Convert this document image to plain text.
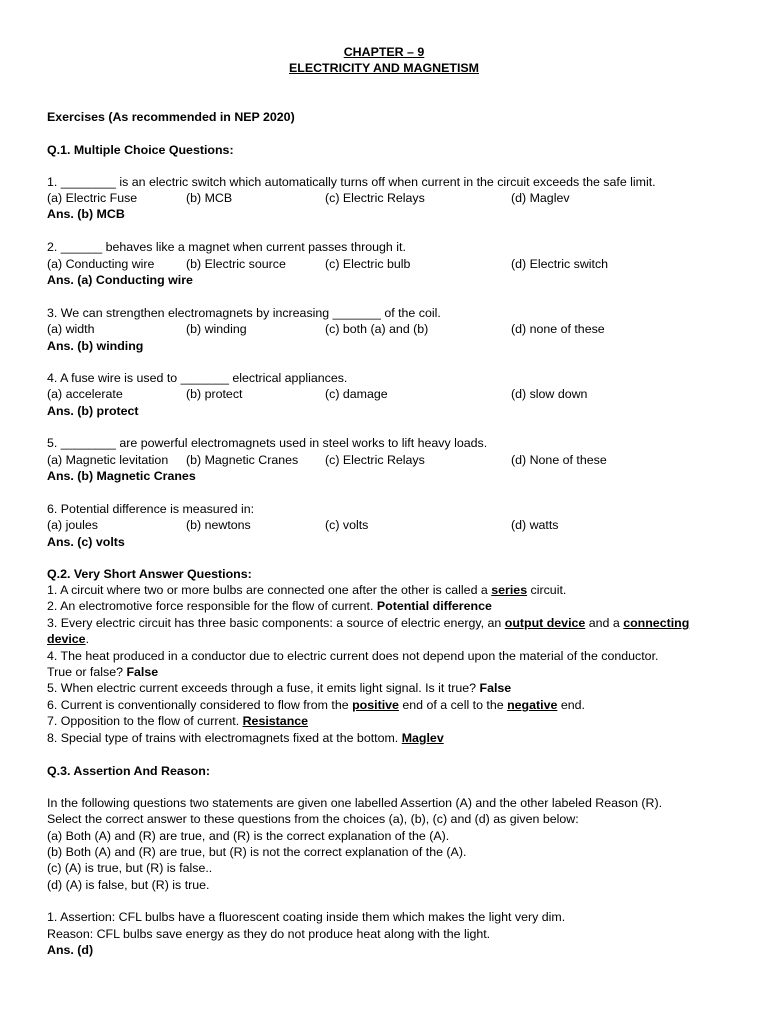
CHAPTER – 9
ELECTRICITY AND MAGNETISM
Exercises (As recommended in NEP 2020)
Q.1. Multiple Choice Questions:
1. ________ is an electric switch which automatically turns off when current in the circuit exceeds the safe limit.
(a) Electric Fuse	(b) MCB	(c) Electric Relays	(d) Maglev
Ans. (b) MCB
2. ______ behaves like a magnet when current passes through it.
(a) Conducting wire	(b) Electric source	(c) Electric bulb	(d) Electric switch
Ans. (a) Conducting wire
3. We can strengthen electromagnets by increasing _______ of the coil.
(a) width	(b) winding	(c) both (a) and (b)	(d) none of these
Ans. (b) winding
4. A fuse wire is used to _______ electrical appliances.
(a) accelerate	(b) protect	(c) damage	(d) slow down
Ans. (b) protect
5. ________ are powerful electromagnets used in steel works to lift heavy loads.
(a) Magnetic levitation (b) Magnetic Cranes (c) Electric Relays	(d) None of these
Ans. (b) Magnetic Cranes
6. Potential difference is measured in:
(a) joules	(b) newtons	(c) volts	(d) watts
Ans. (c) volts
Q.2. Very Short Answer Questions:
1. A circuit where two or more bulbs are connected one after the other is called a series circuit.
2. An electromotive force responsible for the flow of current. Potential difference
3. Every electric circuit has three basic components: a source of electric energy, an output device and a connecting
device.
4. The heat produced in a conductor due to electric current does not depend upon the material of the conductor.
True or false? False
5. When electric current exceeds through a fuse, it emits light signal. Is it true? False
6. Current is conventionally considered to flow from the positive end of a cell to the negative end.
7. Opposition to the flow of current. Resistance
8. Special type of trains with electromagnets fixed at the bottom. Maglev
Q.3. Assertion And Reason:
In the following questions two statements are given one labelled Assertion (A) and the other labeled Reason (R).
Select the correct answer to these questions from the choices (a), (b), (c) and (d) as given below:
(a) Both (A) and (R) are true, and (R) is the correct explanation of the (A).
(b) Both (A) and (R) are true, but (R) is not the correct explanation of the (A).
(c) (A) is true, but (R) is false..
(d) (A) is false, but (R) is true.
1. Assertion: CFL bulbs have a fluorescent coating inside them which makes the light very dim.
Reason: CFL bulbs save energy as they do not produce heat along with the light.
Ans. (d)
